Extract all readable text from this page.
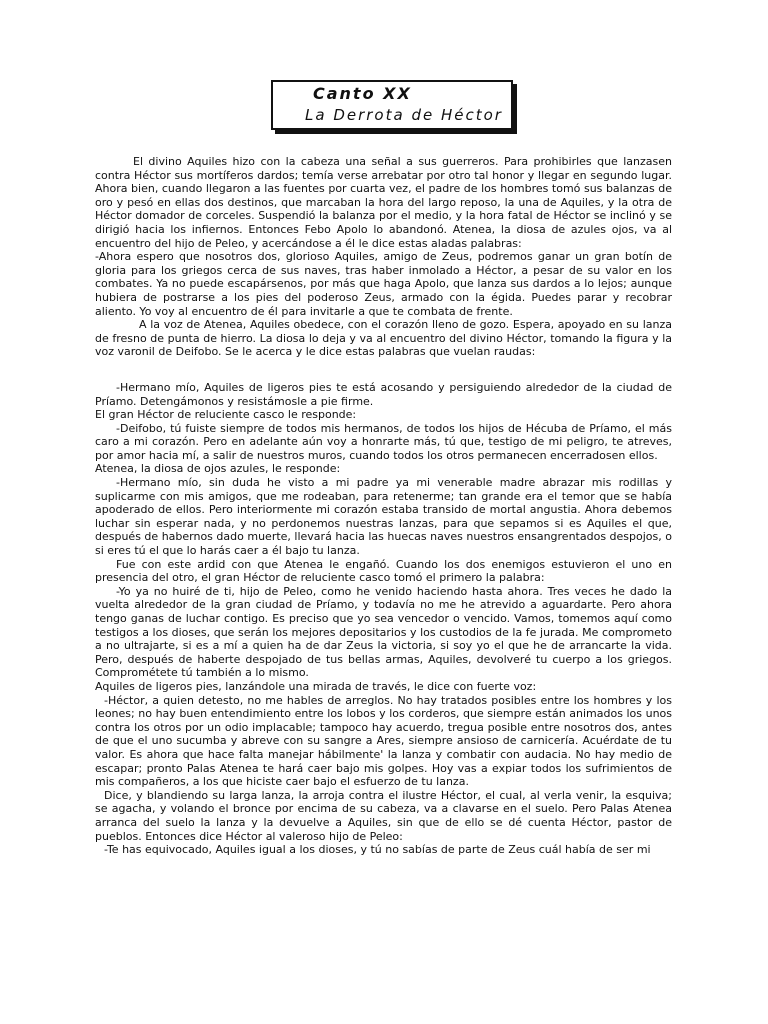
Canto XX
La Derrota de Héctor

El divino Aquiles hizo con la cabeza una señal a sus guerreros. Para prohibirles que lanzasen contra Héctor sus mortíferos dardos; temía verse arrebatar por otro tal honor y llegar en segundo lugar. Ahora bien, cuando llegaron a las fuentes por cuarta vez, el padre de los hombres tomó sus balanzas de oro y pesó en ellas dos destinos, que marcaban la hora del largo reposo, la una de Aquiles, y la otra de Héctor domador de corceles. Suspendió la balanza por el medio, y la hora fatal de Héctor se inclinó y se dirigió hacia los infiernos. Entonces Febo Apolo lo abandonó. Atenea, la diosa de azules ojos, va al encuentro del hijo de Peleo, y acercándose a él le dice estas aladas palabras:

-Ahora espero que nosotros dos, glorioso Aquiles, amigo de Zeus, podremos ganar un gran botín de gloria para los griegos cerca de sus naves, tras haber inmolado a Héctor, a pesar de su valor en los combates. Ya no puede escapársenos, por más que haga Apolo, que lanza sus dardos a lo lejos; aunque hubiera de postrarse a los pies del poderoso Zeus, armado con la égida. Puedes parar y recobrar aliento. Yo voy al encuentro de él para invitarle a que te combata de frente.

A la voz de Atenea, Aquiles obedece, con el corazón lleno de gozo. Espera, apoyado en su lanza de fresno de punta de hierro. La diosa lo deja y va al encuentro del divino Héctor, tomando la figura y la voz varonil de Deifobo. Se le acerca y le dice estas palabras que vuelan raudas:

-Hermano mío, Aquiles de ligeros pies te está acosando y persiguiendo alrededor de la ciudad de Príamo. Detengámonos y resistámosle a pie firme.

El gran Héctor de reluciente casco le responde:

-Deifobo, tú fuiste siempre de todos mis hermanos, de todos los hijos de Hécuba de Príamo, el más caro a mi corazón. Pero en adelante aún voy a honrarte más, tú que, testigo de mi peligro, te atreves, por amor hacia mí, a salir de nuestros muros, cuando todos los otros permanecen encerradosen ellos.

Atenea, la diosa de ojos azules, le responde:

-Hermano mío, sin duda he visto a mi padre ya mi venerable madre abrazar mis rodillas y suplicarme con mis amigos, que me rodeaban, para retenerme; tan grande era el temor que se había apoderado de ellos. Pero interiormente mi corazón estaba transido de mortal angustia. Ahora debemos luchar sin esperar nada, y no perdonemos nuestras lanzas, para que sepamos si es Aquiles el que, después de habernos dado muerte, llevará hacia las huecas naves nuestros ensangrentados despojos, o si eres tú el que lo harás caer a él bajo tu lanza.

Fue con este ardid con que Atenea le engañó. Cuando los dos enemigos estuvieron el uno en presencia del otro, el gran Héctor de reluciente casco tomó el primero la palabra:

-Yo ya no huiré de ti, hijo de Peleo, como he venido haciendo hasta ahora. Tres veces he dado la vuelta alrededor de la gran ciudad de Príamo, y todavía no me he atrevido a aguardarte. Pero ahora tengo ganas de luchar contigo. Es preciso que yo sea vencedor o vencido. Vamos, tomemos aquí como testigos a los dioses, que serán los mejores depositarios y los custodios de la fe jurada. Me comprometo a no ultrajarte, si es a mí a quien ha de dar Zeus la victoria, si soy yo el que he de arrancarte la vida. Pero, después de haberte despojado de tus bellas armas, Aquiles, devolveré tu cuerpo a los griegos. Comprométete tú también a lo mismo.

Aquiles de ligeros pies, lanzándole una mirada de través, le dice con fuerte voz:

-Héctor, a quien detesto, no me hables de arreglos. No hay tratados posibles entre los hombres y los leones; no hay buen entendimiento entre los lobos y los corderos, que siempre están animados los unos contra los otros por un odio implacable; tampoco hay acuerdo, tregua posible entre nosotros dos, antes de que el uno sucumba y abreve con su sangre a Ares, siempre ansioso de carnicería. Acuérdate de tu valor. Es ahora que hace falta manejar hábilmente' la lanza y combatir con audacia. No hay medio de escapar; pronto Palas Atenea te hará caer bajo mis golpes. Hoy vas a expiar todos los sufrimientos de mis compañeros, a los que hiciste caer bajo el esfuerzo de tu lanza.

Dice, y blandiendo su larga lanza, la arroja contra el ilustre Héctor, el cual, al verla venir, la esquiva; se agacha, y volando el bronce por encima de su cabeza, va a clavarse en el suelo. Pero Palas Atenea arranca del suelo la lanza y la devuelve a Aquiles, sin que de ello se dé cuenta Héctor, pastor de pueblos. Entonces dice Héctor al valeroso hijo de Peleo:

-Te has equivocado, Aquiles igual a los dioses, y tú no sabías de parte de Zeus cuál había de ser mi
